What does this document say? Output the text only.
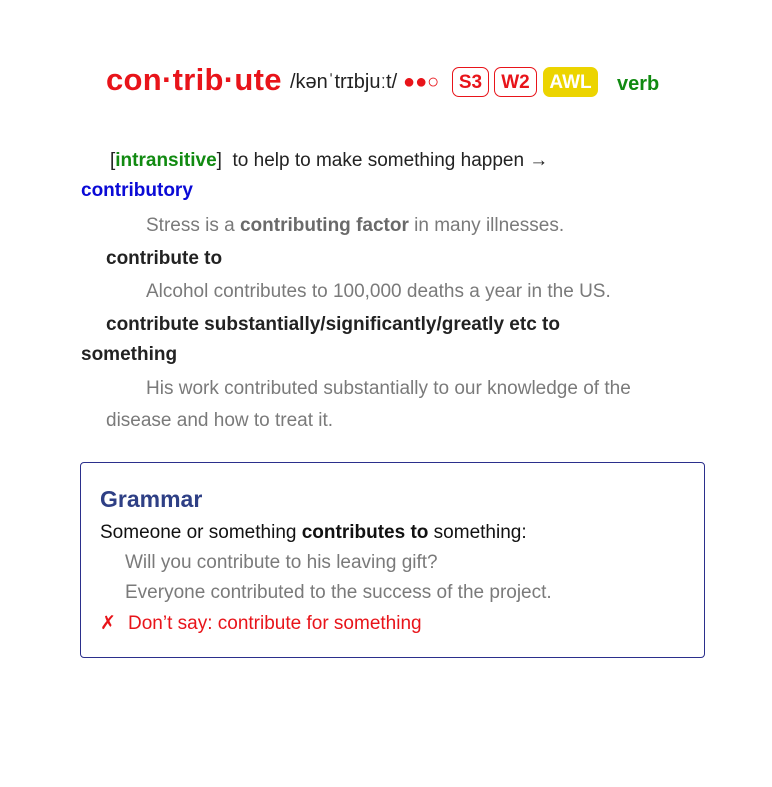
con·trib·ute /kənˈtrɪbjuːt/ ●●○	S3	W2	AWL	verb
[intransitive] to help to make something happen →
contributory
Stress is a contributing factor in many illnesses.
contribute to
Alcohol contributes to 100,000 deaths a year in the US.
contribute substantially/significantly/greatly etc to
something
His work contributed substantially to our knowledge of the
disease and how to treat it.
Grammar
Someone or something contributes to something:
Will you contribute to his leaving gift?
Everyone contributed to the success of the project.
✗ Don’t say: contribute for something
